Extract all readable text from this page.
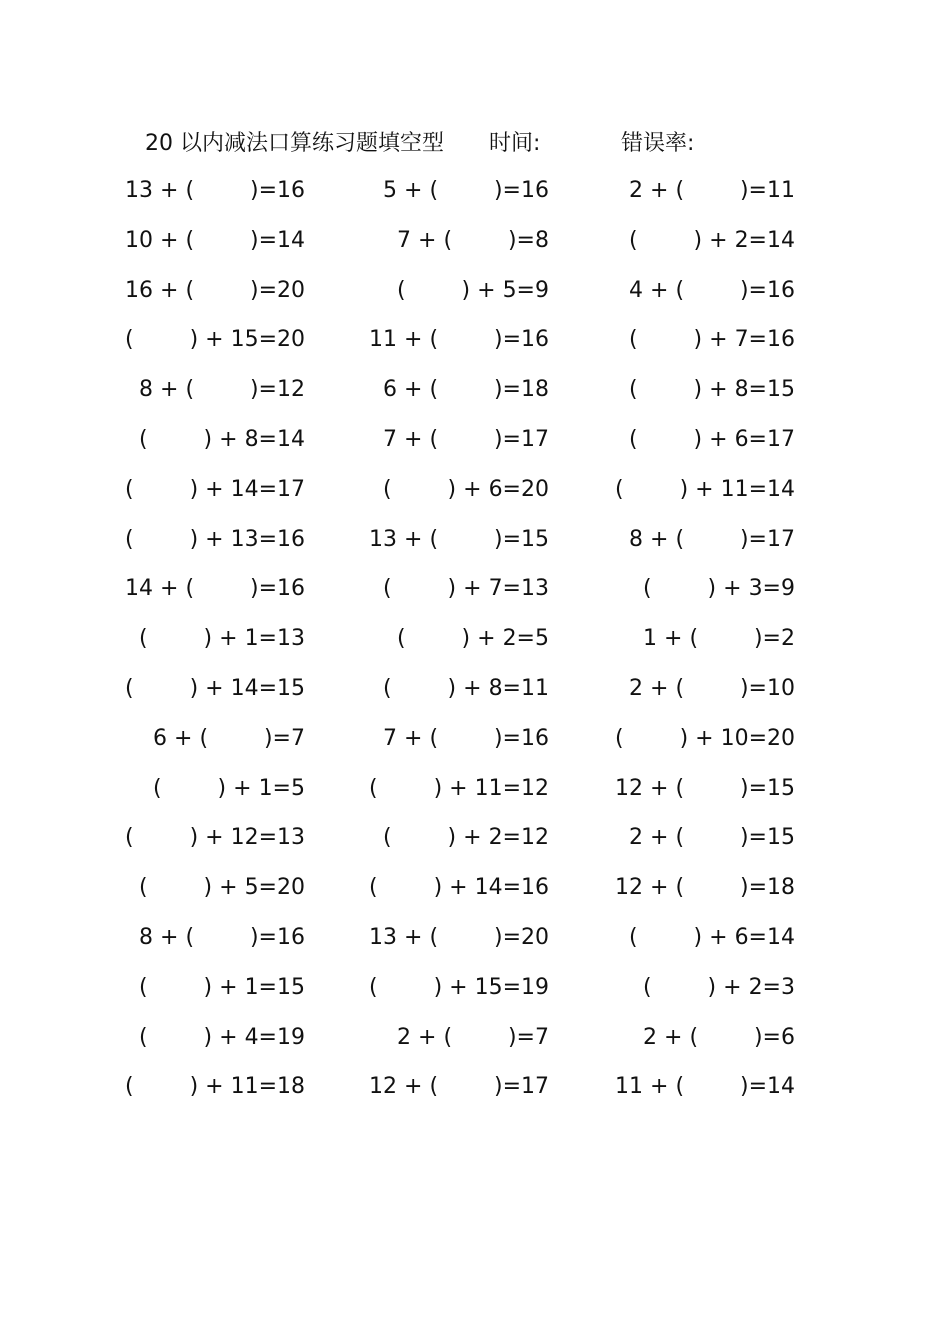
20 以内减法口算练习题填空型 时间:	错误率:
13 + (        )=16	5 + (        )=16	2 + (        )=11
10 + (        )=14	7 + (        )=8	(        ) + 2=14
16 + (        )=20	(        ) + 5=9	4 + (        )=16
(        ) + 15=20	11 + (        )=16	(        ) + 7=16
8 + (        )=12	6 + (        )=18	(        ) + 8=15
(        ) + 8=14	7 + (        )=17	(        ) + 6=17
(        ) + 14=17	(        ) + 6=20	(        ) + 11=14
(        ) + 13=16	13 + (        )=15	8 + (        )=17
14 + (        )=16	(        ) + 7=13	(        ) + 3=9
(        ) + 1=13	(        ) + 2=5	1 + (        )=2
(        ) + 14=15	(        ) + 8=11	2 + (        )=10
6 + (        )=7	7 + (        )=16	(        ) + 10=20
(        ) + 1=5	(        ) + 11=12	12 + (        )=15
(        ) + 12=13	(        ) + 2=12	2 + (        )=15
(        ) + 5=20	(        ) + 14=16	12 + (        )=18
8 + (        )=16	13 + (        )=20	(        ) + 6=14
(        ) + 1=15	(        ) + 15=19	(        ) + 2=3
(        ) + 4=19	2 + (        )=7	2 + (        )=6
(        ) + 11=18	12 + (        )=17	11 + (        )=14
